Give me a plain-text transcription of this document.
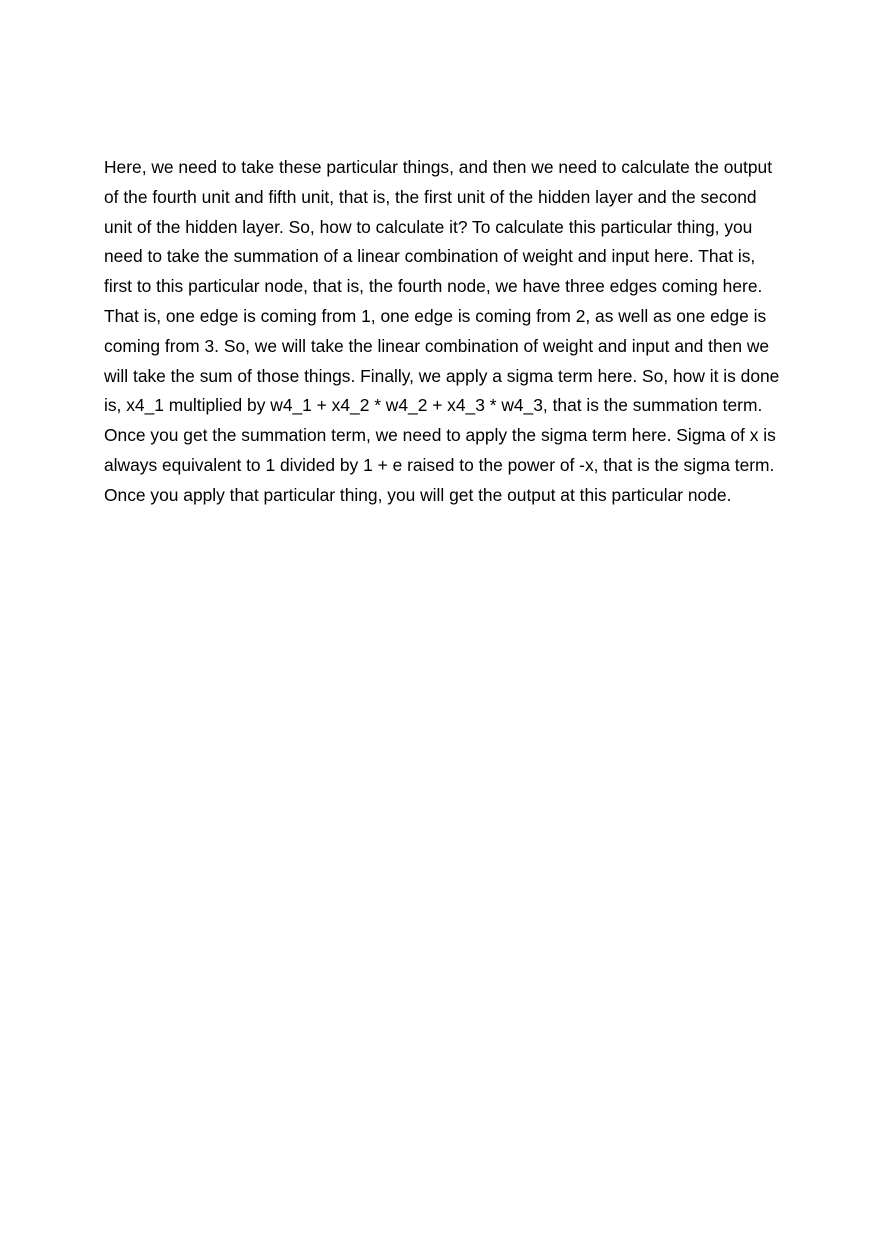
Here, we need to take these particular things, and then we need to calculate the output
of the fourth unit and fifth unit, that is, the first unit of the hidden layer and the second
unit of the hidden layer. So, how to calculate it? To calculate this particular thing, you
need to take the summation of a linear combination of weight and input here. That is,
first to this particular node, that is, the fourth node, we have three edges coming here.
That is, one edge is coming from 1, one edge is coming from 2, as well as one edge is
coming from 3. So, we will take the linear combination of weight and input and then we
will take the sum of those things. Finally, we apply a sigma term here. So, how it is done
is, x4_1 multiplied by w4_1 + x4_2 * w4_2 + x4_3 * w4_3, that is the summation term.
Once you get the summation term, we need to apply the sigma term here. Sigma of x is
always equivalent to 1 divided by 1 + e raised to the power of -x, that is the sigma term.
Once you apply that particular thing, you will get the output at this particular node.
